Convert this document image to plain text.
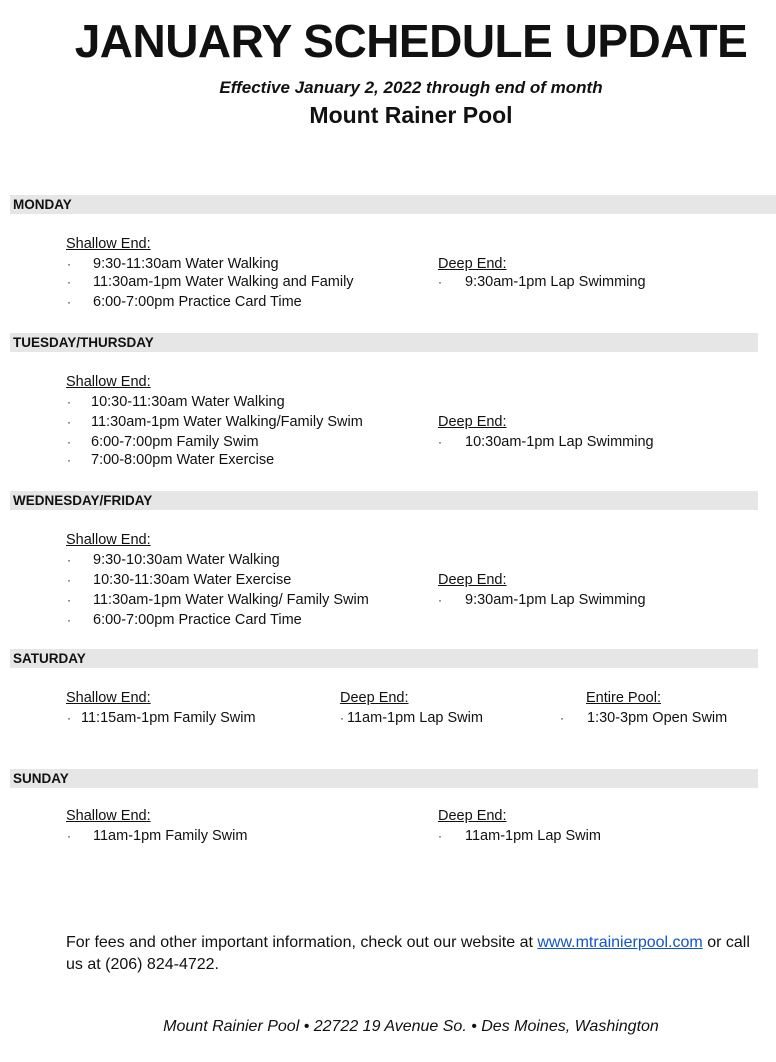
JANUARY SCHEDULE UPDATE
Effective January 2, 2022 through end of month
Mount Rainer Pool
MONDAY
Shallow End:
· 9:30-11:30am Water Walking
· 11:30am-1pm Water Walking and Family
· 6:00-7:00pm Practice Card Time
Deep End:
· 9:30am-1pm Lap Swimming
TUESDAY/THURSDAY
Shallow End:
· 10:30-11:30am Water Walking
· 11:30am-1pm Water Walking/Family Swim
· 6:00-7:00pm Family Swim
· 7:00-8:00pm Water Exercise
Deep End:
· 10:30am-1pm Lap Swimming
WEDNESDAY/FRIDAY
Shallow End:
· 9:30-10:30am Water Walking
· 10:30-11:30am Water Exercise
· 11:30am-1pm Water Walking/ Family Swim
· 6:00-7:00pm Practice Card Time
Deep End:
· 9:30am-1pm Lap Swimming
SATURDAY
Shallow End:
· 11:15am-1pm Family Swim
Deep End:
· 11am-1pm Lap Swim
Entire Pool:
· 1:30-3pm Open Swim
SUNDAY
Shallow End:
· 11am-1pm Family Swim
Deep End:
· 11am-1pm Lap Swim
For fees and other important information, check out our website at www.mtrainierpool.com or call us at (206) 824-4722.
Mount Rainier Pool • 22722 19 Avenue So. • Des Moines, Washington
